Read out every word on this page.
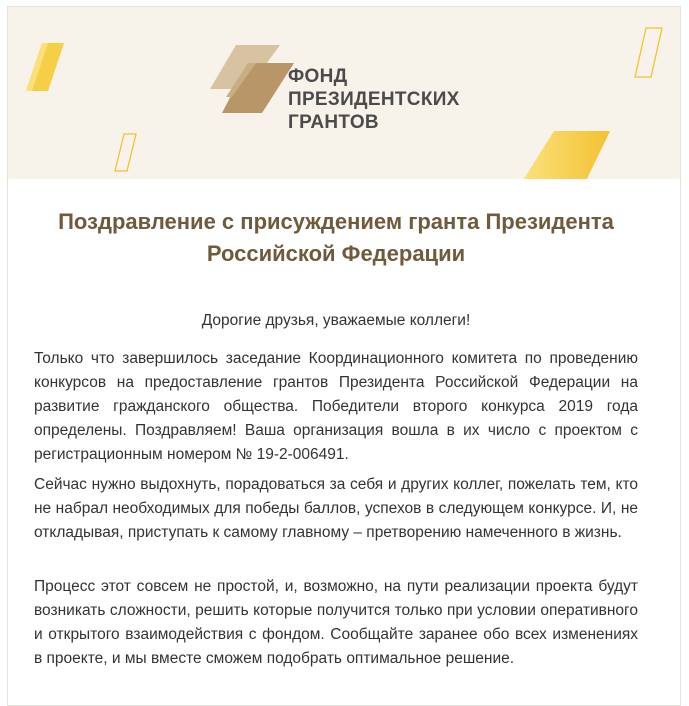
ФОНД
ПРЕЗИДЕНТСКИХ
ГРАНТОВ
Поздравление с присуждением гранта Президента
Российской Федерации
Дорогие друзья, уважаемые коллеги!

Только что завершилось заседание Координационного комитета по проведению конкурсов на предоставление грантов Президента Российской Федерации на развитие гражданского общества. Победители второго конкурса 2019 года определены. Поздравляем! Ваша организация вошла в их число с проектом с регистрационным номером № 19-2-006491.

Сейчас нужно выдохнуть, порадоваться за себя и других коллег, пожелать тем, кто не набрал необходимых для победы баллов, успехов в следующем конкурсе. И, не откладывая, приступать к самому главному – претворению намеченного в жизнь.

Процесс этот совсем не простой, и, возможно, на пути реализации проекта будут возникать сложности, решить которые получится только при условии оперативного и открытого взаимодействия с фондом. Сообщайте заранее обо всех изменениях в проекте, и мы вместе сможем подобрать оптимальное решение.
